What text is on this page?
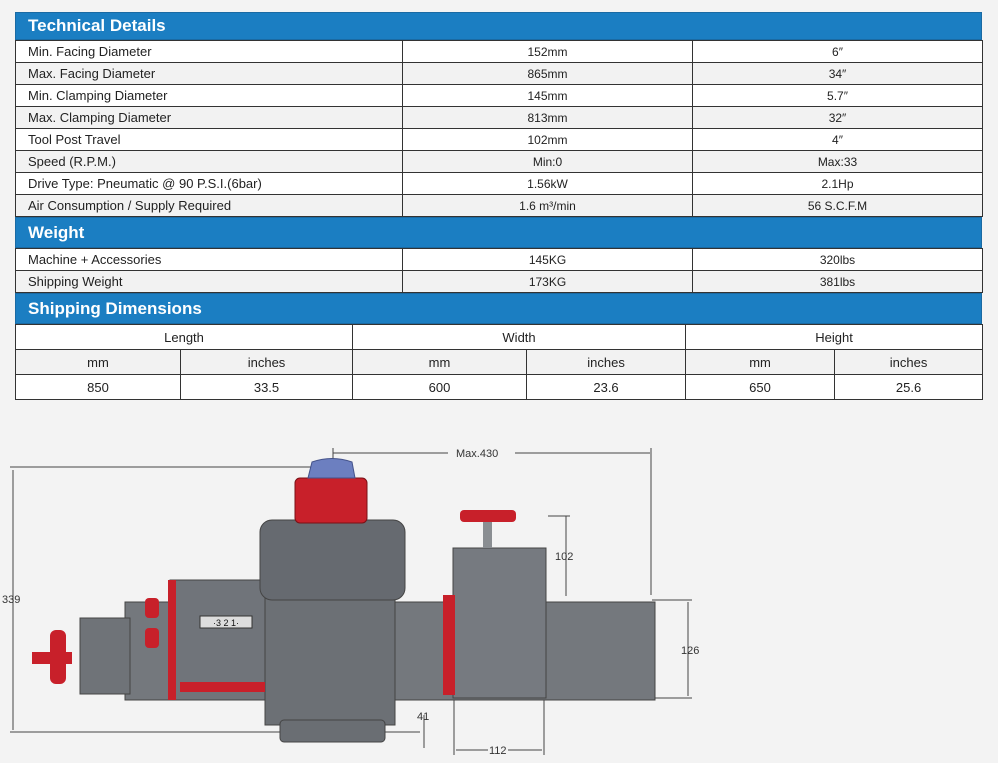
Technical Details
Min. Facing Diameter	152mm	6″
Max. Facing Diameter	865mm	34″
Min. Clamping Diameter	145mm	5.7″
Max. Clamping Diameter	813mm	32″
Tool Post Travel	102mm	4″
Speed (R.P.M.)	Min:0	Max:33
Drive Type: Pneumatic @ 90 P.S.I.(6bar)	1.56kW	2.1Hp
Air Consumption / Supply Required	1.6 m³/min	56 S.C.F.M
Weight
Machine + Accessories	145KG	320lbs
Shipping Weight	173KG	381lbs
Shipping Dimensions
Length		Width		Height	
mm	inches	mm	inches	mm	inches
850	33.5	600	23.6	650	25.6
·3 2 1·
Max.430
339
102
126
41
112
